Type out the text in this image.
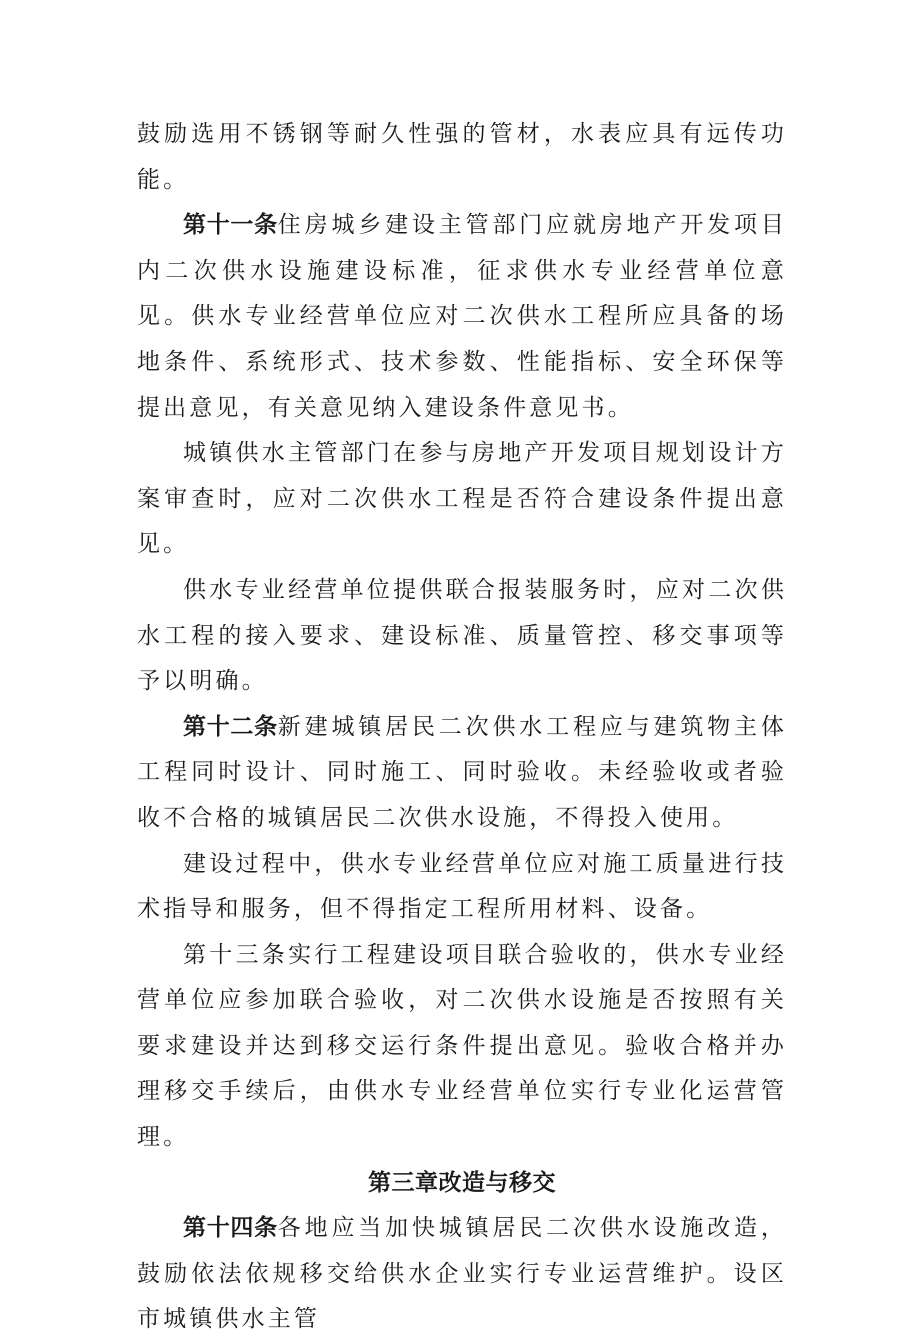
鼓励选用不锈钢等耐久性强的管材，水表应具有远传功能。

第十一条住房城乡建设主管部门应就房地产开发项目内二次供水设施建设标准，征求供水专业经营单位意见。供水专业经营单位应对二次供水工程所应具备的场地条件、系统形式、技术参数、性能指标、安全环保等提出意见，有关意见纳入建设条件意见书。

城镇供水主管部门在参与房地产开发项目规划设计方案审查时，应对二次供水工程是否符合建设条件提出意见。

供水专业经营单位提供联合报装服务时，应对二次供水工程的接入要求、建设标准、质量管控、移交事项等予以明确。

第十二条新建城镇居民二次供水工程应与建筑物主体工程同时设计、同时施工、同时验收。未经验收或者验收不合格的城镇居民二次供水设施，不得投入使用。

建设过程中，供水专业经营单位应对施工质量进行技术指导和服务，但不得指定工程所用材料、设备。

第十三条实行工程建设项目联合验收的，供水专业经营单位应参加联合验收，对二次供水设施是否按照有关要求建设并达到移交运行条件提出意见。验收合格并办理移交手续后，由供水专业经营单位实行专业化运营管理。

第三章改造与移交

第十四条各地应当加快城镇居民二次供水设施改造，鼓励依法依规移交给供水企业实行专业运营维护。设区市城镇供水主管
